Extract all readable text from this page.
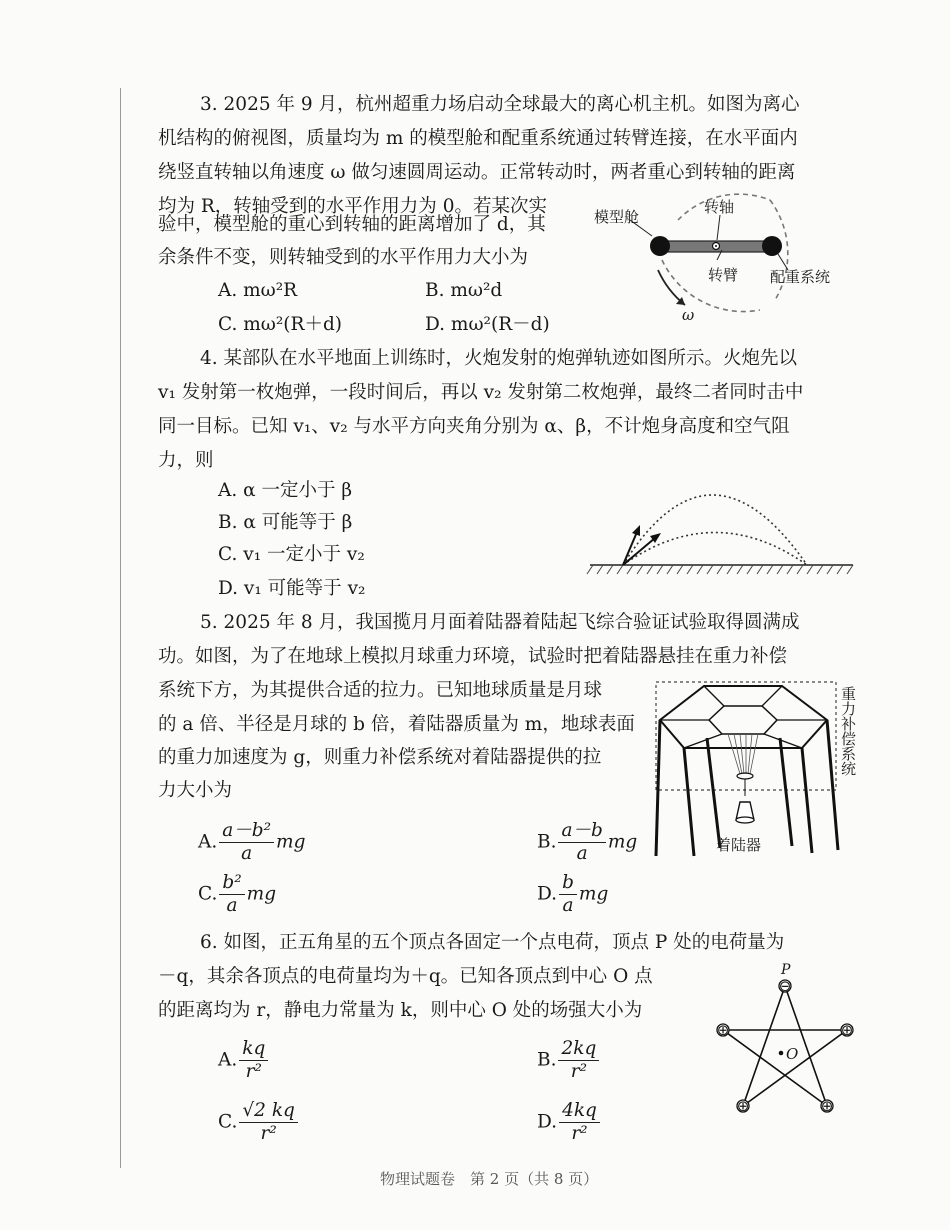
3. 2025 年 9 月，杭州超重力场启动全球最大的离心机主机。如图为离心
机结构的俯视图，质量均为 m 的模型舱和配重系统通过转臂连接，在水平面内
绕竖直转轴以角速度 ω 做匀速圆周运动。正常转动时，两者重心到转轴的距离
均为 R，转轴受到的水平作用力为 0。若某次实
验中，模型舱的重心到转轴的距离增加了 d，其
余条件不变，则转轴受到的水平作用力大小为
A. mω²R	B. mω²d
C. mω²(R＋d)	D. mω²(R－d)
模型舱
转轴
转臂 配重系统
ω
4. 某部队在水平地面上训练时，火炮发射的炮弹轨迹如图所示。火炮先以
v₁ 发射第一枚炮弹，一段时间后，再以 v₂ 发射第二枚炮弹，最终二者同时击中
同一目标。已知 v₁、v₂ 与水平方向夹角分别为 α、β，不计炮身高度和空气阻
力，则
A. α 一定小于 β
B. α 可能等于 β
C. v₁ 一定小于 v₂
D. v₁ 可能等于 v₂
5. 2025 年 8 月，我国揽月月面着陆器着陆起飞综合验证试验取得圆满成
功。如图，为了在地球上模拟月球重力环境，试验时把着陆器悬挂在重力补偿
系统下方，为其提供合适的拉力。已知地球质量是月球
的 a 倍、半径是月球的 b 倍，着陆器质量为 m，地球表面
的重力加速度为 g，则重力补偿系统对着陆器提供的拉
力大小为
A. $\frac{\text{a－b²}}{a}$ mg	B. $\frac{a-b}{a}$ mg
C. $\frac{\text{b²}}{a}$ mg	D. $\frac{b}{a}$ mg
着陆器
重力补偿系统
6. 如图，正五角星的五个顶点各固定一个点电荷，顶点 P 处的电荷量为
－q，其余各顶点的电荷量均为＋q。已知各顶点到中心 O 点
的距离均为 r，静电力常量为 k，则中心 O 处的场强大小为
A. $\frac{kq}{\text{r²}}$	B. $\frac{2kq}{\text{r²}}$
C. $\frac{√2 kq}{\text{r²}}$	D. $\frac{4kq}{\text{r²}}$
⊖
⊕
⊕
⊕	⊕
P
O
物理试题卷　第 2 页（共 8 页）
